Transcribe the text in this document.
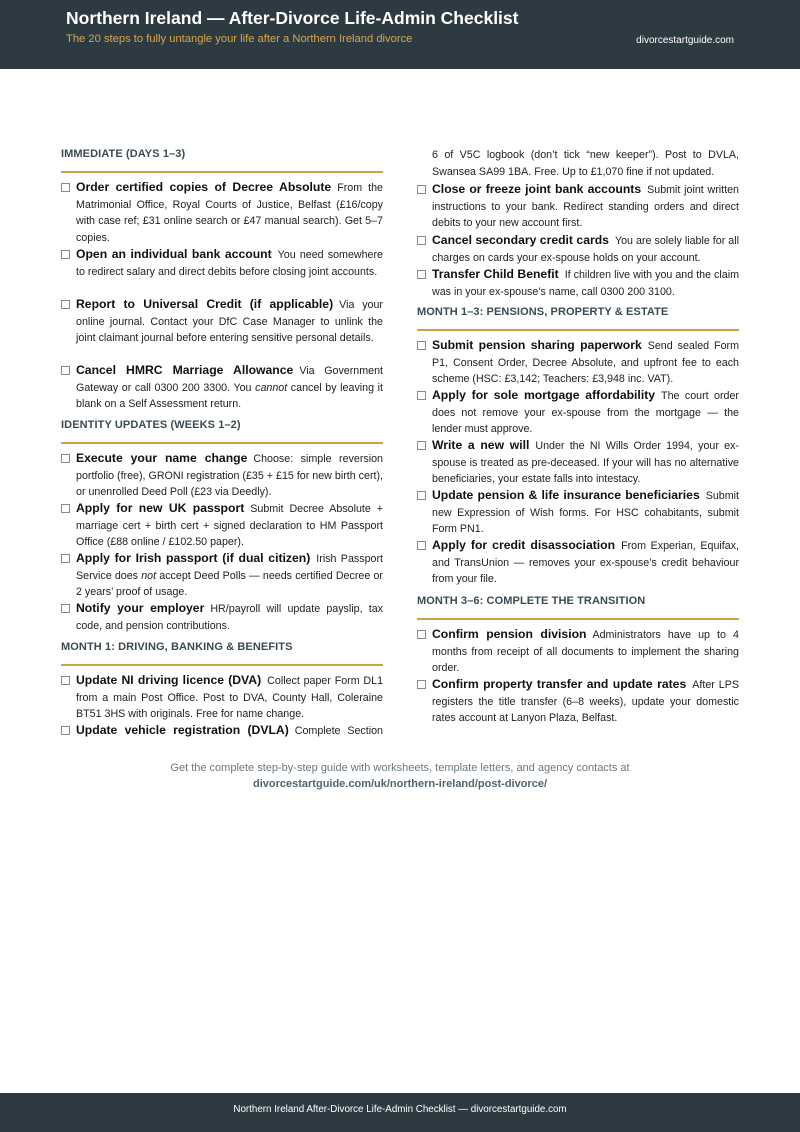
Northern Ireland — After-Divorce Life-Admin Checklist
The 20 steps to fully untangle your life after a Northern Ireland divorce	divorcestartguide.com
IMMEDIATE (DAYS 1–3)
Order certified copies of Decree Absolute From the Matrimonial Office, Royal Courts of Justice, Belfast (£16/copy with case ref; £31 online search or £47 manual search). Get 5–7 copies.
Open an individual bank account You need somewhere to redirect salary and direct debits before closing joint accounts.
Report to Universal Credit (if applicable) Via your online journal. Contact your DfC Case Manager to unlink the joint claimant journal before entering sensitive personal details.
Cancel HMRC Marriage Allowance Via Government Gateway or call 0300 200 3300. You cannot cancel by leaving it blank on a Self Assessment return.
IDENTITY UPDATES (WEEKS 1–2)
Execute your name change Choose: simple reversion portfolio (free), GRONI registration (£35 + £15 for new birth cert), or unenrolled Deed Poll (£23 via Deedly).
Apply for new UK passport Submit Decree Absolute + marriage cert + birth cert + signed declaration to HM Passport Office (£88 online / £102.50 paper).
Apply for Irish passport (if dual citizen) Irish Passport Service does not accept Deed Polls — needs certified Decree or 2 years’ proof of usage.
Notify your employer HR/payroll will update payslip, tax code, and pension contributions.
MONTH 1: DRIVING, BANKING & BENEFITS
Update NI driving licence (DVA) Collect paper Form DL1 from a main Post Office. Post to DVA, County Hall, Coleraine BT51 3HS with originals. Free for name change.
Update vehicle registration (DVLA) Complete Section
6 of V5C logbook (don’t tick “new keeper”). Post to DVLA, Swansea SA99 1BA. Free. Up to £1,070 fine if not updated.
Close or freeze joint bank accounts Submit joint written instructions to your bank. Redirect standing orders and direct debits to your new account first.
Cancel secondary credit cards You are solely liable for all charges on cards your ex-spouse holds on your account.
Transfer Child Benefit If children live with you and the claim was in your ex-spouse’s name, call 0300 200 3100.
MONTH 1–3: PENSIONS, PROPERTY & ESTATE
Submit pension sharing paperwork Send sealed Form P1, Consent Order, Decree Absolute, and upfront fee to each scheme (HSC: £3,142; Teachers: £3,948 inc. VAT).
Apply for sole mortgage affordability The court order does not remove your ex-spouse from the mortgage — the lender must approve.
Write a new will Under the NI Wills Order 1994, your ex-spouse is treated as pre-deceased. If your will has no alternative beneficiaries, your estate falls into intestacy.
Update pension & life insurance beneficiaries Submit new Expression of Wish forms. For HSC cohabitants, submit Form PN1.
Apply for credit disassociation From Experian, Equifax, and TransUnion — removes your ex-spouse’s credit behaviour from your file.
MONTH 3–6: COMPLETE THE TRANSITION
Confirm pension division Administrators have up to 4 months from receipt of all documents to implement the sharing order.
Confirm property transfer and update rates After LPS registers the title transfer (6–8 weeks), update your domestic rates account at Lanyon Plaza, Belfast.
Get the complete step-by-step guide with worksheets, template letters, and agency contacts at
divorcestartguide.com/uk/northern-ireland/post-divorce/
Northern Ireland After-Divorce Life-Admin Checklist — divorcestartguide.com
